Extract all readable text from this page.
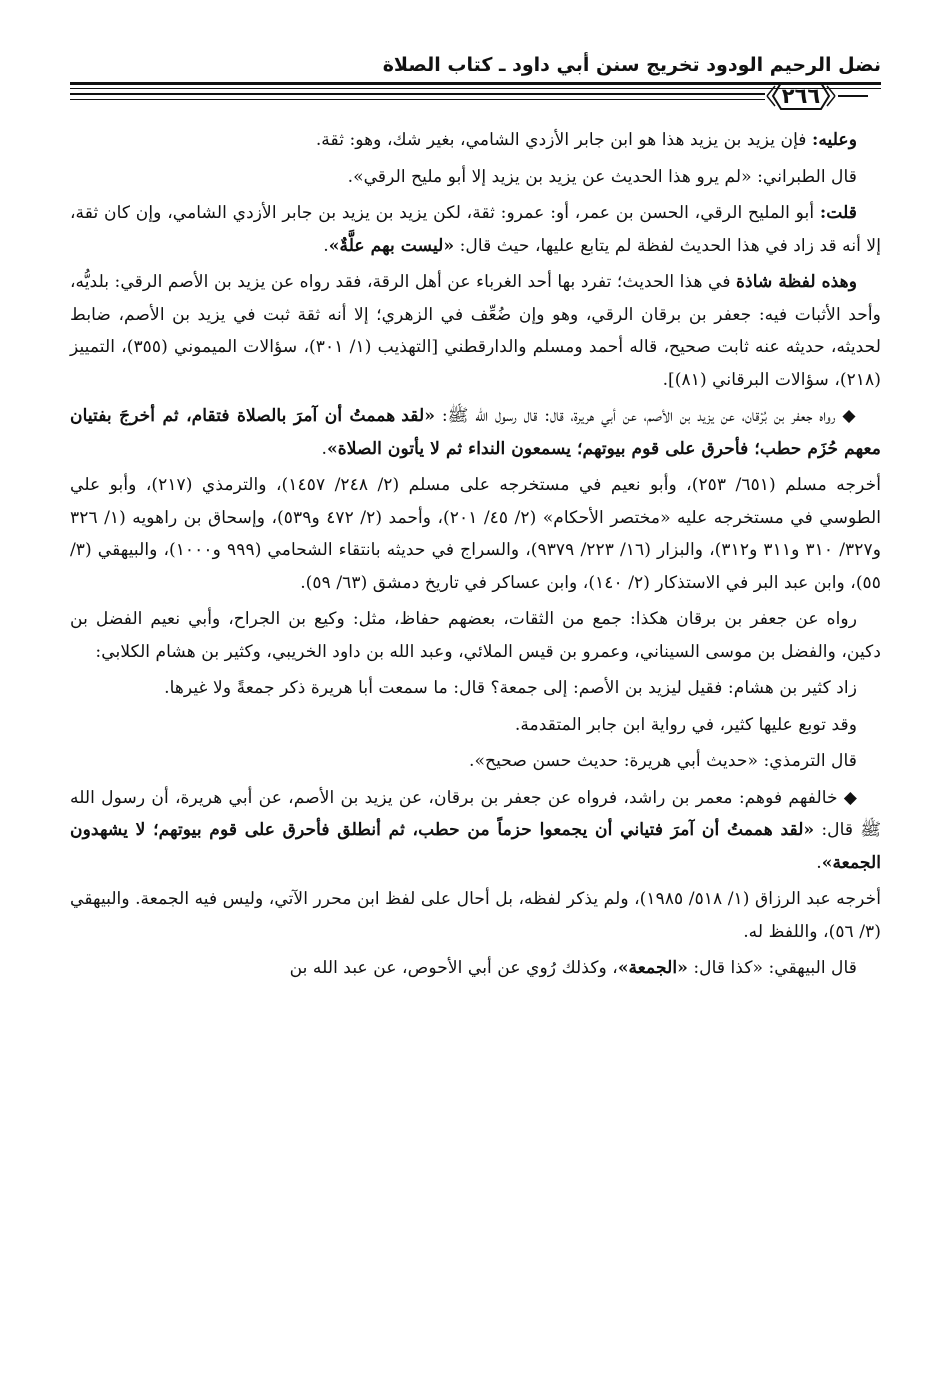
نضل الرحيم الودود تخريج سنن أبي داود ـ كتاب الصلاة
٢٦٦

وعليه: فإن يزيد بن يزيد هذا هو ابن جابر الأزدي الشامي، بغير شك، وهو: ثقة.

قال الطبراني: «لم يرو هذا الحديث عن يزيد بن يزيد إلا أبو مليح الرقي».

قلت: أبو المليح الرقي، الحسن بن عمر، أو: عمرو: ثقة، لكن يزيد بن يزيد بن جابر الأزدي الشامي، وإن كان ثقة، إلا أنه قد زاد في هذا الحديث لفظة لم يتابع عليها، حيث قال: «ليست بهم علَّةٌ».

وهذه لفظة شاذة في هذا الحديث؛ تفرد بها أحد الغرباء عن أهل الرقة، فقد رواه عن يزيد بن الأصم الرقي: بلديُّه، وأحد الأثبات فيه: جعفر بن برقان الرقي، وهو وإن ضُعِّف في الزهري؛ إلا أنه ثقة ثبت في يزيد بن الأصم، ضابط لحديثه، حديثه عنه ثابت صحيح، قاله أحمد ومسلم والدارقطني [التهذيب (١/ ٣٠١)، سؤالات الميموني (٣٥٥)، التمييز (٢١٨)، سؤالات البرقاني (٨١)].

◆ رواه جعفر بن بُرْقان، عن يزيد بن الأصم، عن أبي هريرة، قال: قال رسول الله ﷺ: «لقد هممتُ أن آمرَ بالصلاة فتقام، ثم أخرجَ بفتيان معهم حُزَم حطب؛ فأحرق على قوم بيوتهم؛ يسمعون النداء ثم لا يأتون الصلاة».

أخرجه مسلم (٦٥١/ ٢٥٣)، وأبو نعيم في مستخرجه على مسلم (٢/ ٢٤٨/ ١٤٥٧)، والترمذي (٢١٧)، وأبو علي الطوسي في مستخرجه عليه «مختصر الأحكام» (٢/ ٤٥/ ٢٠١)، وأحمد (٢/ ٤٧٢ و٥٣٩)، وإسحاق بن راهويه (١/ ٣٢٦ و٣٢٧/ ٣١٠ و٣١١ و٣١٢)، والبزار (١٦/ ٢٢٣/ ٩٣٧٩)، والسراج في حديثه بانتقاء الشحامي (٩٩٩ و١٠٠٠)، والبيهقي (٣/ ٥٥)، وابن عبد البر في الاستذكار (٢/ ١٤٠)، وابن عساكر في تاريخ دمشق (٦٣/ ٥٩).

رواه عن جعفر بن برقان هكذا: جمع من الثقات، بعضهم حفاظ، مثل: وكيع بن الجراح، وأبي نعيم الفضل بن دكين، والفضل بن موسى السيناني، وعمرو بن قيس الملائي، وعبد الله بن داود الخريبي، وكثير بن هشام الكلابي:

زاد كثير بن هشام: فقيل ليزيد بن الأصم: إلى جمعة؟ قال: ما سمعت أبا هريرة ذكر جمعةً ولا غيرها.

وقد توبع عليها كثير، في رواية ابن جابر المتقدمة.

قال الترمذي: «حديث أبي هريرة: حديث حسن صحيح».

◆ خالفهم فوهم: معمر بن راشد، فرواه عن جعفر بن برقان، عن يزيد بن الأصم، عن أبي هريرة، أن رسول الله ﷺ قال: «لقد هممتُ أن آمرَ فتياني أن يجمعوا حزماً من حطب، ثم أنطلق فأحرق على قوم بيوتهم؛ لا يشهدون الجمعة».

أخرجه عبد الرزاق (١/ ٥١٨/ ١٩٨٥)، ولم يذكر لفظه، بل أحال على لفظ ابن محرر الآتي، وليس فيه الجمعة. والبيهقي (٣/ ٥٦)، واللفظ له.

قال البيهقي: «كذا قال: «الجمعة»، وكذلك رُوي عن أبي الأحوص، عن عبد الله بن
